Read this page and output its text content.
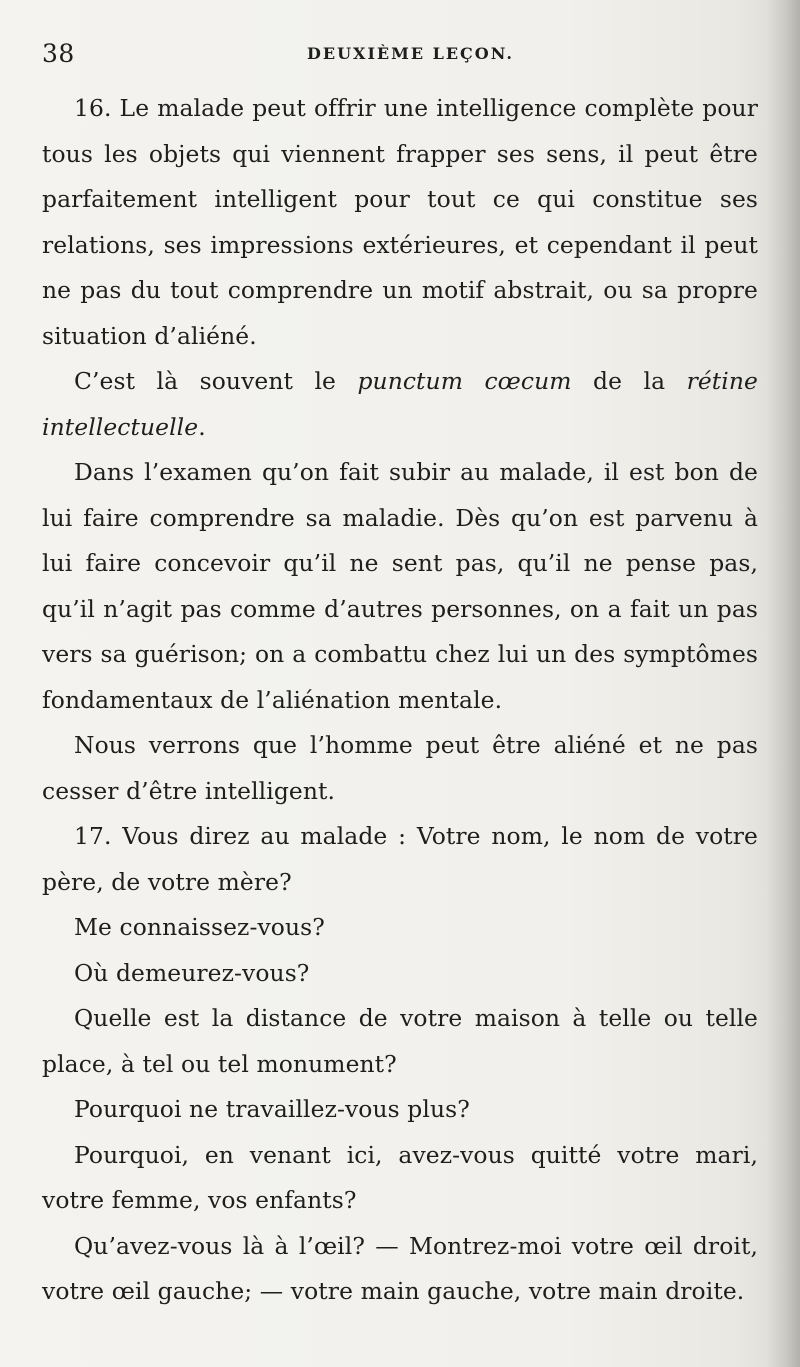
38	DEUXIÈME LEÇON.

16. Le malade peut offrir une intelligence complète pour tous les objets qui viennent frapper ses sens, il peut être parfaitement intelligent pour tout ce qui constitue ses relations, ses impressions extérieures, et cependant il peut ne pas du tout comprendre un motif abstrait, ou sa propre situation d’aliéné.

C’est là souvent le punctum cœcum de la rétine intellectuelle.

Dans l’examen qu’on fait subir au malade, il est bon de lui faire comprendre sa maladie. Dès qu’on est parvenu à lui faire concevoir qu’il ne sent pas, qu’il ne pense pas, qu’il n’agit pas comme d’autres personnes, on a fait un pas vers sa guérison; on a combattu chez lui un des symptômes fondamentaux de l’aliénation mentale.

Nous verrons que l’homme peut être aliéné et ne pas cesser d’être intelligent.

17. Vous direz au malade : Votre nom, le nom de votre père, de votre mère?

Me connaissez-vous?

Où demeurez-vous?

Quelle est la distance de votre maison à telle ou telle place, à tel ou tel monument?

Pourquoi ne travaillez-vous plus?

Pourquoi, en venant ici, avez-vous quitté votre mari, votre femme, vos enfants?

Qu’avez-vous là à l’œil? — Montrez-moi votre œil droit, votre œil gauche; — votre main gauche, votre main droite.
